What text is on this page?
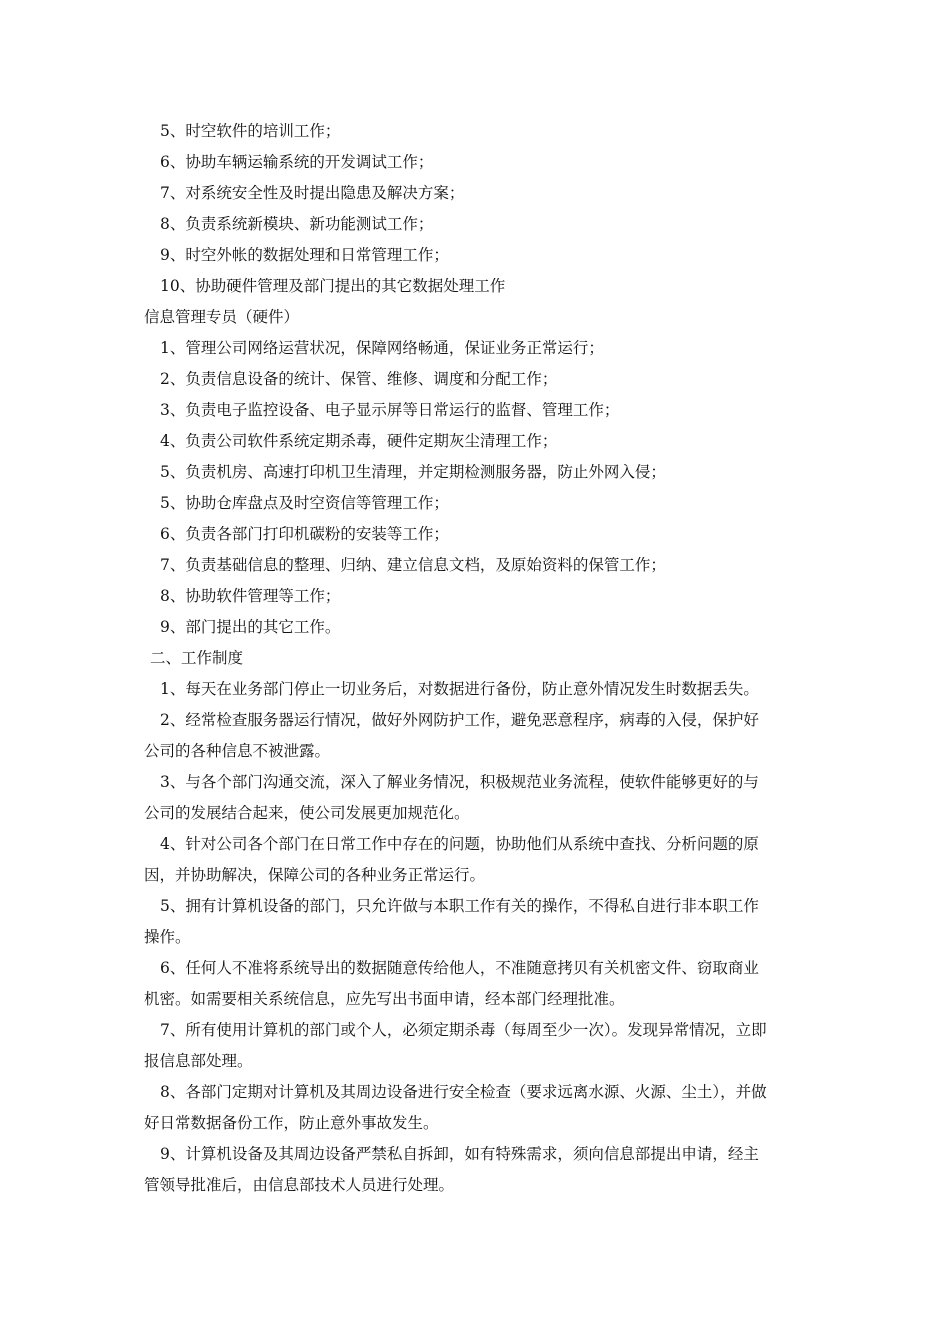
5、时空软件的培训工作；
6、协助车辆运输系统的开发调试工作；
7、对系统安全性及时提出隐患及解决方案；
8、负责系统新模块、新功能测试工作；
9、时空外帐的数据处理和日常管理工作；
10、协助硬件管理及部门提出的其它数据处理工作
信息管理专员（硬件）
1、管理公司网络运营状况，保障网络畅通，保证业务正常运行；
2、负责信息设备的统计、保管、维修、调度和分配工作；
3、负责电子监控设备、电子显示屏等日常运行的监督、管理工作；
4、负责公司软件系统定期杀毒，硬件定期灰尘清理工作；
5、负责机房、高速打印机卫生清理，并定期检测服务器，防止外网入侵；
5、协助仓库盘点及时空资信等管理工作；
6、负责各部门打印机碳粉的安装等工作；
7、负责基础信息的整理、归纳、建立信息文档，及原始资料的保管工作；
8、协助软件管理等工作；
9、部门提出的其它工作。
二、工作制度
1、每天在业务部门停止一切业务后，对数据进行备份，防止意外情况发生时数据丢失。
2、经常检查服务器运行情况，做好外网防护工作，避免恶意程序，病毒的入侵，保护好
公司的各种信息不被泄露。
3、与各个部门沟通交流，深入了解业务情况，积极规范业务流程，使软件能够更好的与
公司的发展结合起来，使公司发展更加规范化。
4、针对公司各个部门在日常工作中存在的问题，协助他们从系统中查找、分析问题的原
因，并协助解决，保障公司的各种业务正常运行。
5、拥有计算机设备的部门，只允许做与本职工作有关的操作，不得私自进行非本职工作
操作。
6、任何人不准将系统导出的数据随意传给他人，不准随意拷贝有关机密文件、窃取商业
机密。如需要相关系统信息，应先写出书面申请，经本部门经理批准。
7、所有使用计算机的部门或个人，必须定期杀毒（每周至少一次）。发现异常情况，立即
报信息部处理。
8、各部门定期对计算机及其周边设备进行安全检查（要求远离水源、火源、尘土），并做
好日常数据备份工作，防止意外事故发生。
9、计算机设备及其周边设备严禁私自拆卸，如有特殊需求，须向信息部提出申请，经主
管领导批准后，由信息部技术人员进行处理。
